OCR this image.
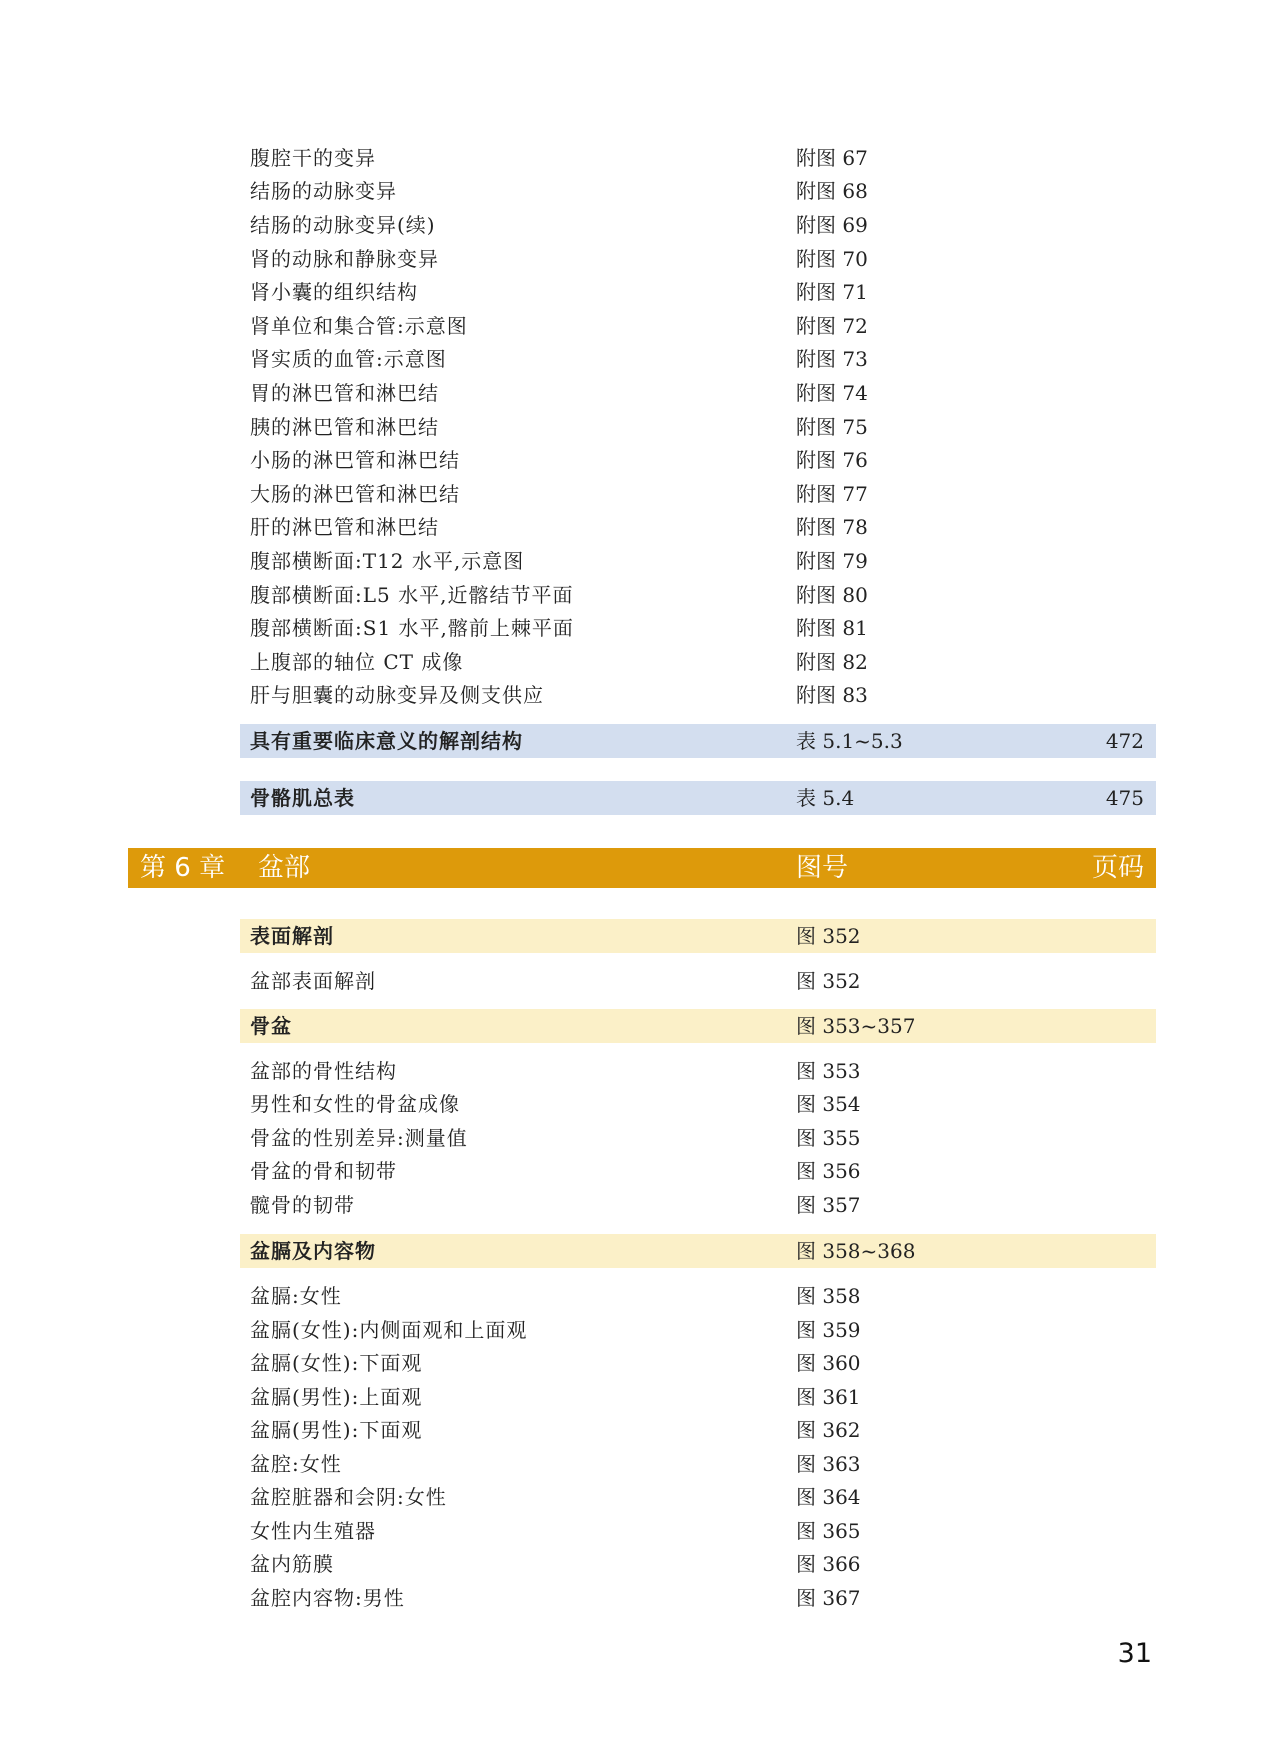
腹腔干的变异	附图 67
结肠的动脉变异	附图 68
结肠的动脉变异(续)	附图 69
肾的动脉和静脉变异	附图 70
肾小囊的组织结构	附图 71
肾单位和集合管:示意图	附图 72
肾实质的血管:示意图	附图 73
胃的淋巴管和淋巴结	附图 74
胰的淋巴管和淋巴结	附图 75
小肠的淋巴管和淋巴结	附图 76
大肠的淋巴管和淋巴结	附图 77
肝的淋巴管和淋巴结	附图 78
腹部横断面:T12 水平,示意图	附图 79
腹部横断面:L5 水平,近髂结节平面	附图 80
腹部横断面:S1 水平,髂前上棘平面	附图 81
上腹部的轴位 CT 成像	附图 82
肝与胆囊的动脉变异及侧支供应	附图 83
具有重要临床意义的解剖结构	表 5.1~5.3	472
骨骼肌总表	表 5.4	475
第 6 章 盆部	图号	页码
表面解剖	图 352
盆部表面解剖	图 352
骨盆	图 353~357
盆部的骨性结构	图 353
男性和女性的骨盆成像	图 354
骨盆的性别差异:测量值	图 355
骨盆的骨和韧带	图 356
髋骨的韧带	图 357
盆膈及内容物	图 358~368
盆膈:女性	图 358
盆膈(女性):内侧面观和上面观	图 359
盆膈(女性):下面观	图 360
盆膈(男性):上面观	图 361
盆膈(男性):下面观	图 362
盆腔:女性	图 363
盆腔脏器和会阴:女性	图 364
女性内生殖器	图 365
盆内筋膜	图 366
盆腔内容物:男性	图 367
31
